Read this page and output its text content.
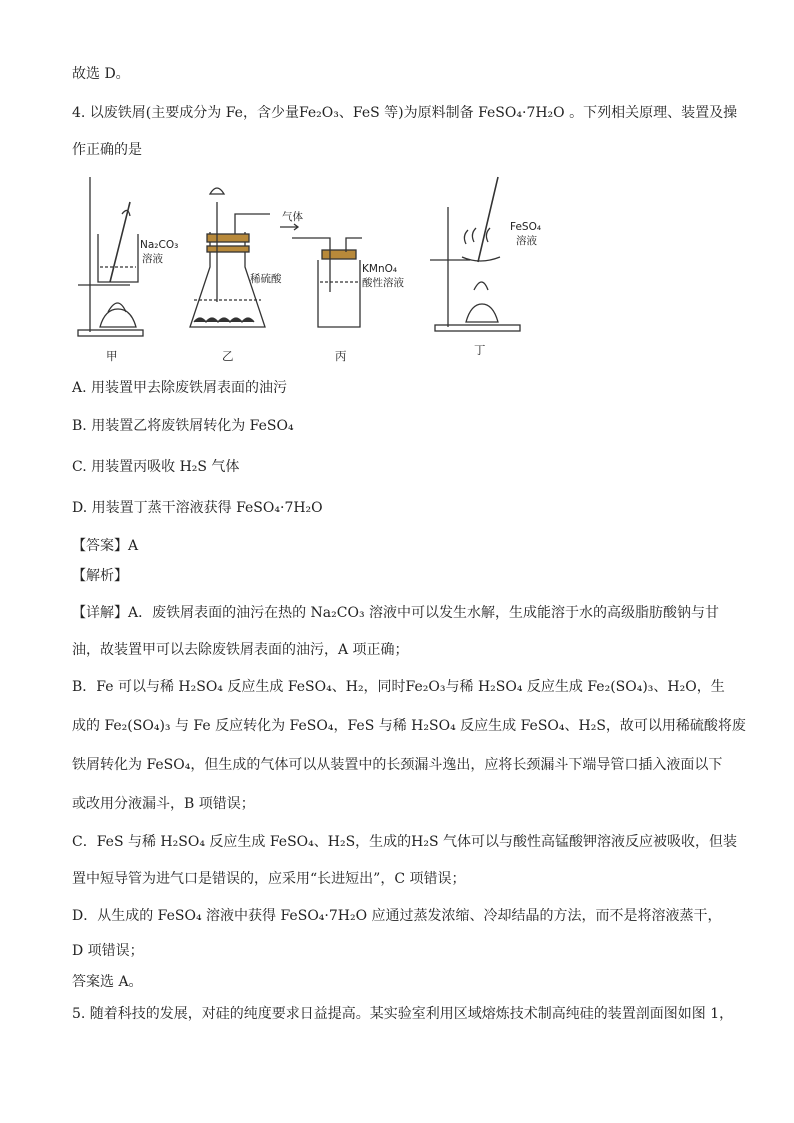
故选 D。
4. 以废铁屑(主要成分为 Fe，含少量Fe₂O₃、FeS 等)为原料制备 FeSO₄·7H₂O 。下列相关原理、装置及操
作正确的是
Na₂CO₃
溶液
稀硫酸
气体
KMnO₄
酸性溶液
FeSO₄
溶液
甲	乙	丙	丁
A. 用装置甲去除废铁屑表面的油污
B. 用装置乙将废铁屑转化为 FeSO₄
C. 用装置丙吸收 H₂S 气体
D. 用装置丁蒸干溶液获得 FeSO₄·7H₂O
【答案】A
【解析】
【详解】A．废铁屑表面的油污在热的 Na₂CO₃ 溶液中可以发生水解，生成能溶于水的高级脂肪酸钠与甘
油，故装置甲可以去除废铁屑表面的油污，A 项正确；
B．Fe 可以与稀 H₂SO₄ 反应生成 FeSO₄、H₂，同时Fe₂O₃与稀 H₂SO₄ 反应生成 Fe₂(SO₄)₃、H₂O，生
成的 Fe₂(SO₄)₃ 与 Fe 反应转化为 FeSO₄，FeS 与稀 H₂SO₄ 反应生成 FeSO₄、H₂S，故可以用稀硫酸将废
铁屑转化为 FeSO₄，但生成的气体可以从装置中的长颈漏斗逸出，应将长颈漏斗下端导管口插入液面以下
或改用分液漏斗，B 项错误；
C．FeS 与稀 H₂SO₄ 反应生成 FeSO₄、H₂S，生成的H₂S 气体可以与酸性高锰酸钾溶液反应被吸收，但装
置中短导管为进气口是错误的，应采用“长进短出”，C 项错误；
D．从生成的 FeSO₄ 溶液中获得 FeSO₄·7H₂O 应通过蒸发浓缩、冷却结晶的方法，而不是将溶液蒸干，
D 项错误；
答案选 A。
5. 随着科技的发展，对硅的纯度要求日益提高。某实验室利用区域熔炼技术制高纯硅的装置剖面图如图 1，
